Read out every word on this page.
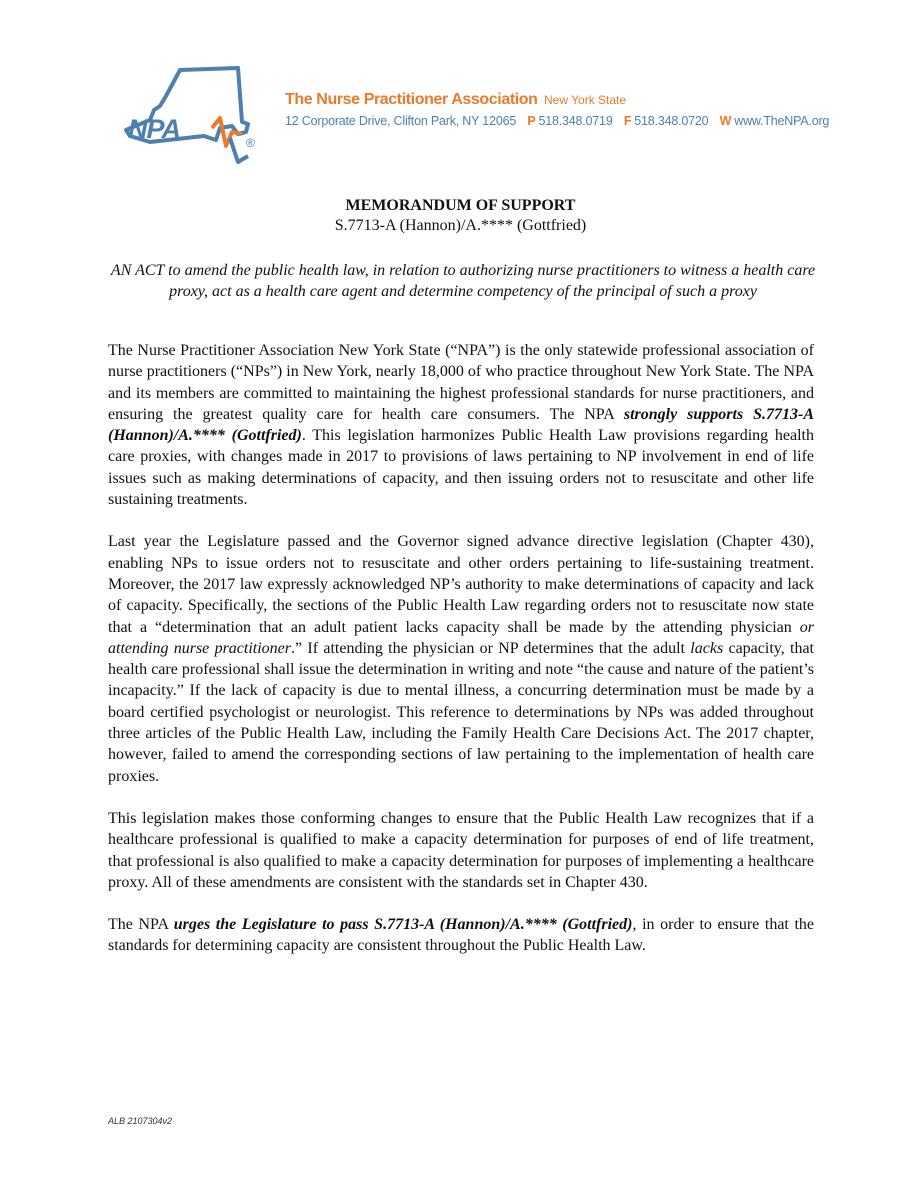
NPA	®
The Nurse Practitioner Association New York State
12 Corporate Drive, Clifton Park, NY 12065 P 518.348.0719 F 518.348.0720 W www.TheNPA.org

MEMORANDUM OF SUPPORT

S.7713-A (Hannon)/A.**** (Gottfried)

AN ACT to amend the public health law, in relation to authorizing nurse practitioners to witness a health care proxy, act as a health care agent and determine competency of the principal of such a proxy

The Nurse Practitioner Association New York State (“NPA”) is the only statewide professional association of nurse practitioners (“NPs”) in New York, nearly 18,000 of who practice throughout New York State. The NPA and its members are committed to maintaining the highest professional standards for nurse practitioners, and ensuring the greatest quality care for health care consumers. The NPA strongly supports S.7713-A (Hannon)/A.**** (Gottfried). This legislation harmonizes Public Health Law provisions regarding health care proxies, with changes made in 2017 to provisions of laws pertaining to NP involvement in end of life issues such as making determinations of capacity, and then issuing orders not to resuscitate and other life sustaining treatments.

Last year the Legislature passed and the Governor signed advance directive legislation (Chapter 430), enabling NPs to issue orders not to resuscitate and other orders pertaining to life-sustaining treatment. Moreover, the 2017 law expressly acknowledged NP’s authority to make determinations of capacity and lack of capacity. Specifically, the sections of the Public Health Law regarding orders not to resuscitate now state that a “determination that an adult patient lacks capacity shall be made by the attending physician or attending nurse practitioner.” If attending the physician or NP determines that the adult lacks capacity, that health care professional shall issue the determination in writing and note “the cause and nature of the patient’s incapacity.” If the lack of capacity is due to mental illness, a concurring determination must be made by a board certified psychologist or neurologist. This reference to determinations by NPs was added throughout three articles of the Public Health Law, including the Family Health Care Decisions Act. The 2017 chapter, however, failed to amend the corresponding sections of law pertaining to the implementation of health care proxies.

This legislation makes those conforming changes to ensure that the Public Health Law recognizes that if a healthcare professional is qualified to make a capacity determination for purposes of end of life treatment, that professional is also qualified to make a capacity determination for purposes of implementing a healthcare proxy. All of these amendments are consistent with the standards set in Chapter 430.

The NPA urges the Legislature to pass S.7713-A (Hannon)/A.**** (Gottfried), in order to ensure that the standards for determining capacity are consistent throughout the Public Health Law.

ALB 2107304v2
